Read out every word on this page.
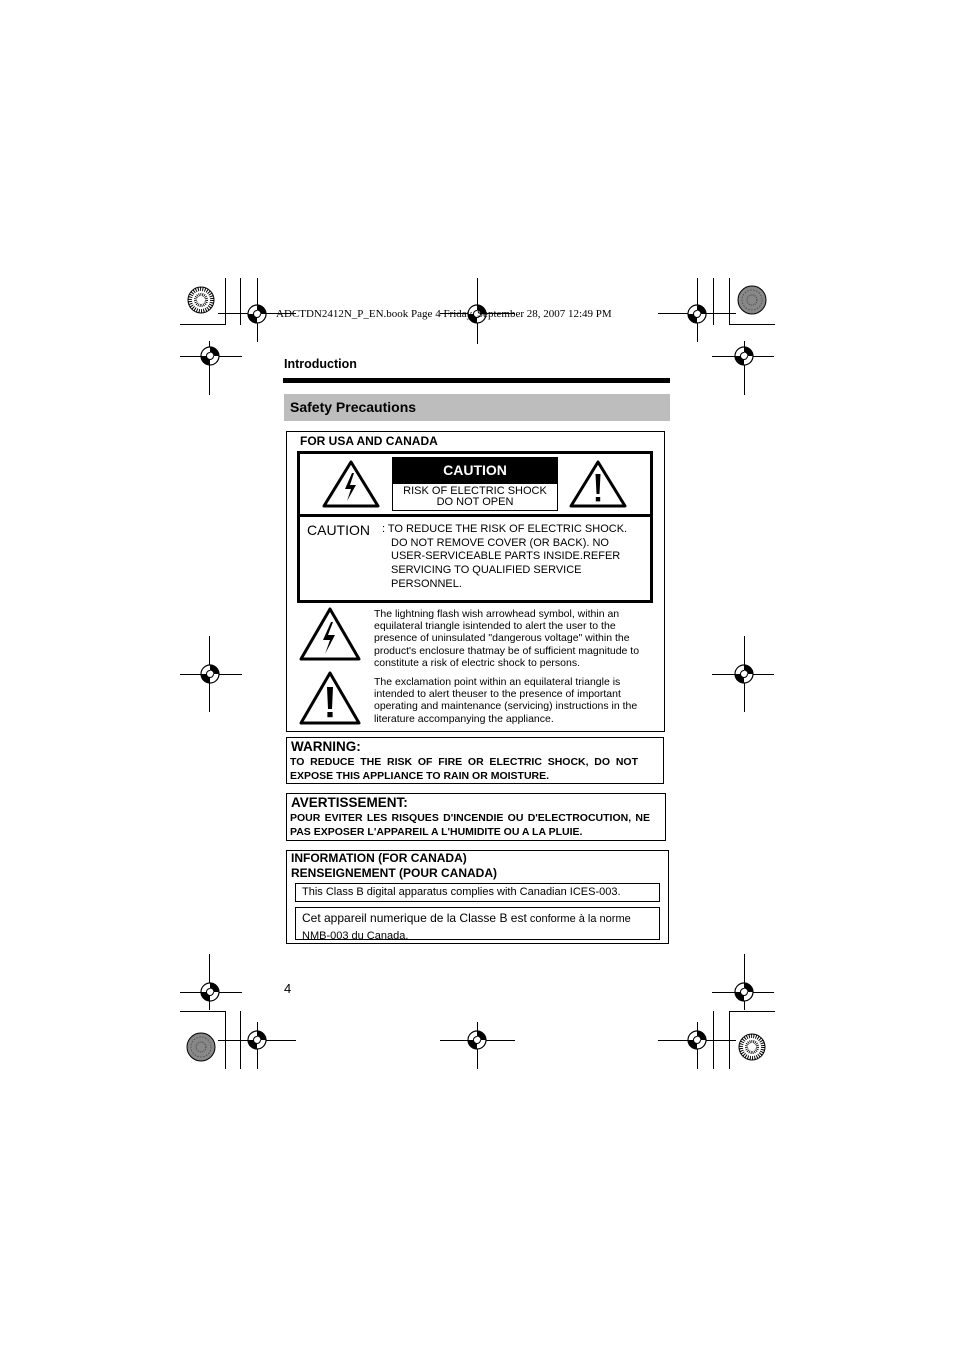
ADCTDN2412N_P_EN.book Page 4 Friday, September 28, 2007 12:49 PM
Introduction
Safety Precautions
FOR USA AND CANADA
CAUTION
RISK OF ELECTRIC SHOCK
DO NOT OPEN
CAUTION : TO REDUCE THE RISK OF ELECTRIC SHOCK.
DO NOT REMOVE COVER (OR BACK). NO
USER-SERVICEABLE PARTS INSIDE.REFER
SERVICING TO QUALIFIED SERVICE
PERSONNEL.
The lightning flash wish arrowhead symbol, within an equilateral triangle isintended to alert the user to the presence of uninsulated "dangerous voltage" within the product's enclosure thatmay be of sufficient magnitude to constitute a risk of electric shock to persons.
The exclamation point within an equilateral triangle is intended to alert theuser to the presence of important operating and maintenance (servicing) instructions in the literature accompanying the appliance.
WARNING:
TO REDUCE THE RISK OF FIRE OR ELECTRIC SHOCK, DO NOT EXPOSE THIS APPLIANCE TO RAIN OR MOISTURE.
AVERTISSEMENT:
POUR EVITER LES RISQUES D'INCENDIE OU D'ELECTROCUTION, NE PAS EXPOSER L'APPAREIL A L'HUMIDITE OU A LA PLUIE.
INFORMATION (FOR CANADA)
RENSEIGNEMENT (POUR CANADA)
This Class B digital apparatus complies with Canadian ICES-003.
Cet appareil numerique de la Classe B est conforme à la norme NMB-003 du Canada.
4
